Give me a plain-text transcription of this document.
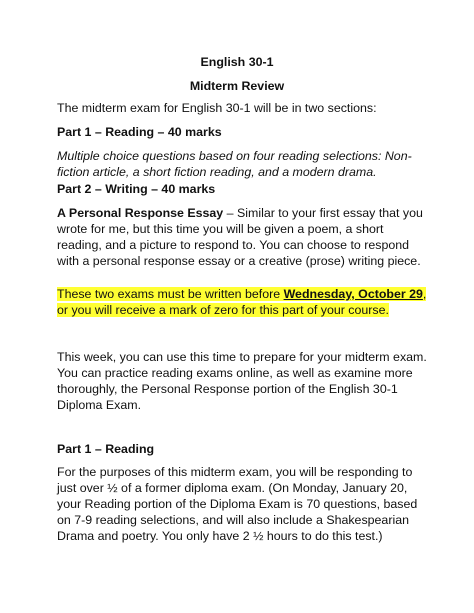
English 30-1

Midterm Review

The midterm exam for English 30-1 will be in two sections:

Part 1 – Reading – 40 marks

Multiple choice questions based on four reading selections: Non-fiction article, a short fiction reading, and a modern drama.

Part 2 – Writing – 40 marks

A Personal Response Essay – Similar to your first essay that you wrote for me, but this time you will be given a poem, a short reading, and a picture to respond to. You can choose to respond with a personal response essay or a creative (prose) writing piece.

These two exams must be written before Wednesday, October 29, or you will receive a mark of zero for this part of your course.

This week, you can use this time to prepare for your midterm exam. You can practice reading exams online, as well as examine more thoroughly, the Personal Response portion of the English 30-1 Diploma Exam.

Part 1 – Reading

For the purposes of this midterm exam, you will be responding to just over ½ of a former diploma exam. (On Monday, January 20, your Reading portion of the Diploma Exam is 70 questions, based on 7-9 reading selections, and will also include a Shakespearian Drama and poetry. You only have 2 ½ hours to do this test.)
